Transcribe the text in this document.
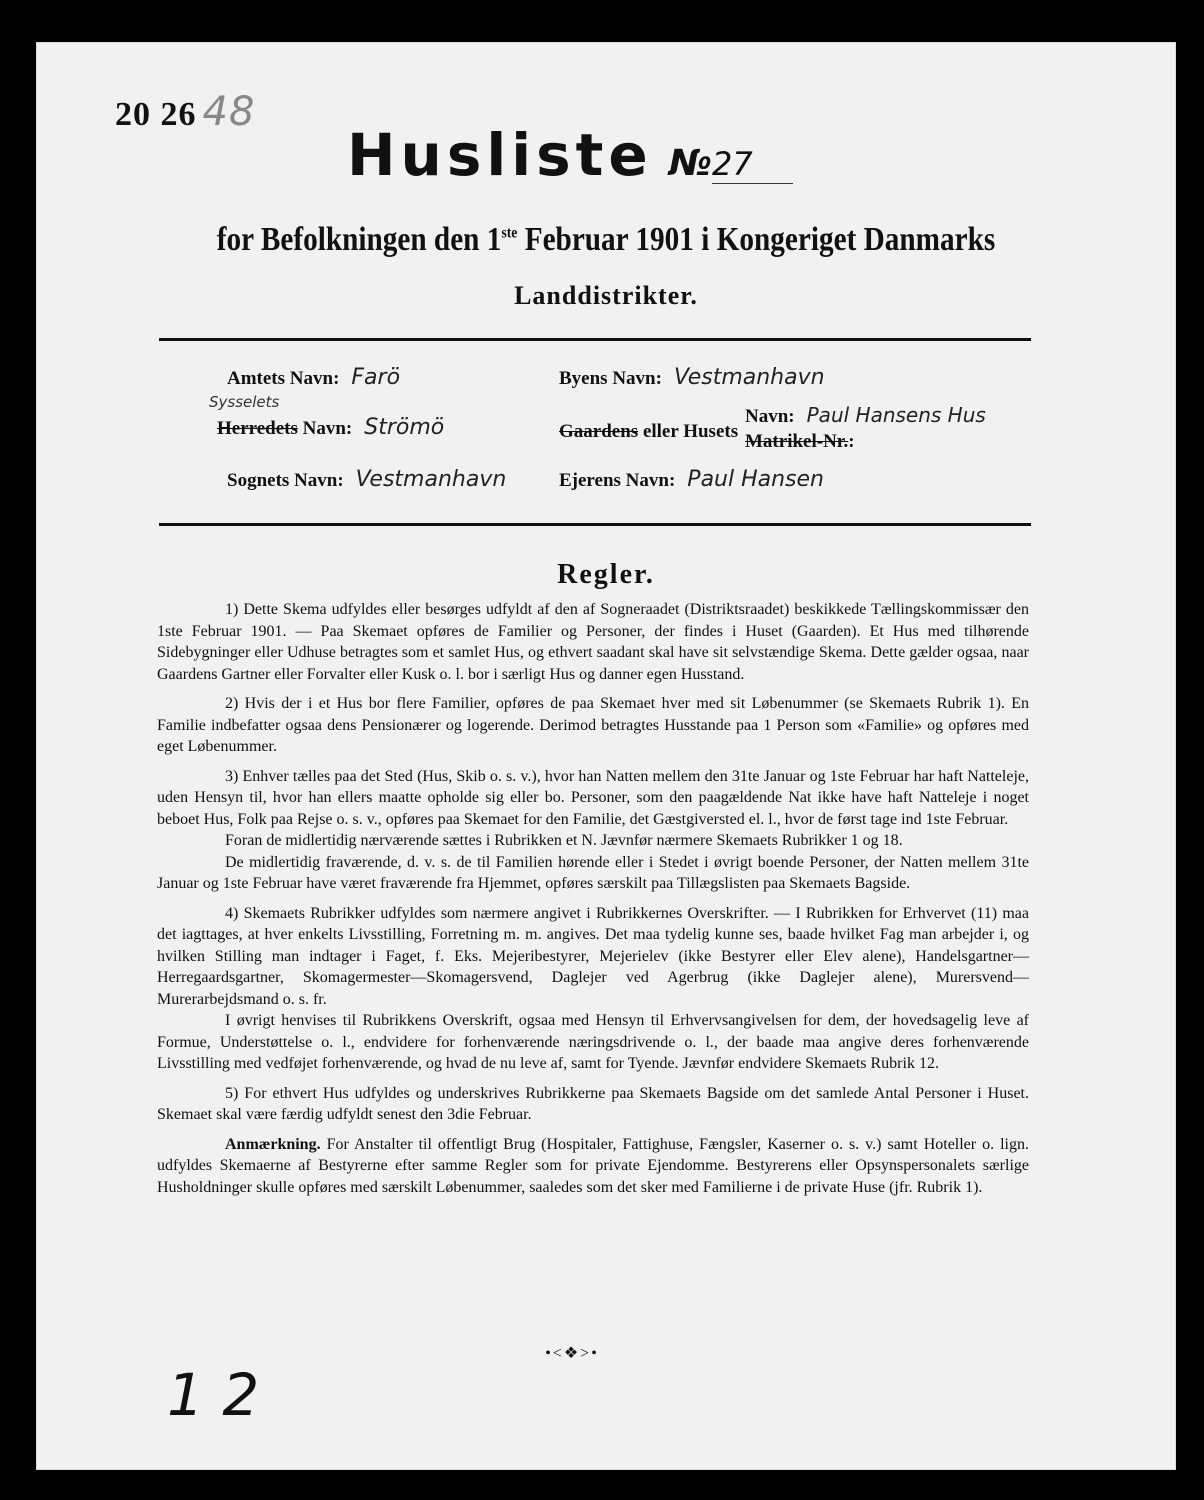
20 26 48
Husliste №27
for Befolkningen den 1ste Februar 1901 i Kongeriget Danmarks
Landdistrikter.
Amtets Navn: Farö	Byens Navn: Vestmanhavn
Sysselets
Herredets Navn: Strömö	Gaardens eller Husets
Navn: Paul Hansens Hus
Matrikel-Nr.:
Sognets Navn: Vestmanhavn	Ejerens Navn: Paul Hansen
Regler.

1) Dette Skema udfyldes eller besørges udfyldt af den af Sogneraadet (Distriktsraadet) beskikkede Tællingskommissær den 1ste Februar 1901. — Paa Skemaet opføres de Familier og Personer, der findes i Huset (Gaarden). Et Hus med tilhørende Sidebygninger eller Udhuse betragtes som et samlet Hus, og ethvert saadant skal have sit selvstændige Skema. Dette gælder ogsaa, naar Gaardens Gartner eller Forvalter eller Kusk o. l. bor i særligt Hus og danner egen Husstand.

2) Hvis der i et Hus bor flere Familier, opføres de paa Skemaet hver med sit Løbenummer (se Skemaets Rubrik 1). En Familie indbefatter ogsaa dens Pensionærer og logerende. Derimod betragtes Husstande paa 1 Person som «Familie» og opføres med eget Løbenummer.

3) Enhver tælles paa det Sted (Hus, Skib o. s. v.), hvor han Natten mellem den 31te Januar og 1ste Februar har haft Natteleje, uden Hensyn til, hvor han ellers maatte opholde sig eller bo. Personer, som den paagældende Nat ikke have haft Natteleje i noget beboet Hus, Folk paa Rejse o. s. v., opføres paa Skemaet for den Familie, det Gæstgiversted el. l., hvor de først tage ind 1ste Februar.

Foran de midlertidig nærværende sættes i Rubrikken et N. Jævnfør nærmere Skemaets Rubrikker 1 og 18.

De midlertidig fraværende, d. v. s. de til Familien hørende eller i Stedet i øvrigt boende Personer, der Natten mellem 31te Januar og 1ste Februar have været fraværende fra Hjemmet, opføres særskilt paa Tillægslisten paa Skemaets Bagside.

4) Skemaets Rubrikker udfyldes som nærmere angivet i Rubrikkernes Overskrifter. — I Rubrikken for Erhvervet (11) maa det iagttages, at hver enkelts Livsstilling, Forretning m. m. angives. Det maa tydelig kunne ses, baade hvilket Fag man arbejder i, og hvilken Stilling man indtager i Faget, f. Eks. Mejeribestyrer, Mejerielev (ikke Bestyrer eller Elev alene), Handelsgartner—Herregaardsgartner, Skomagermester—Skomagersvend, Daglejer ved Agerbrug (ikke Daglejer alene), Murersvend—Murerarbejdsmand o. s. fr.

I øvrigt henvises til Rubrikkens Overskrift, ogsaa med Hensyn til Erhvervsangivelsen for dem, der hovedsagelig leve af Formue, Understøttelse o. l., endvidere for forhenværende næringsdrivende o. l., der baade maa angive deres forhenværende Livsstilling med vedføjet forhenværende, og hvad de nu leve af, samt for Tyende. Jævnfør endvidere Skemaets Rubrik 12.

5) For ethvert Hus udfyldes og underskrives Rubrikkerne paa Skemaets Bagside om det samlede Antal Personer i Huset. Skemaet skal være færdig udfyldt senest den 3die Februar.

Anmærkning. For Anstalter til offentligt Brug (Hospitaler, Fattighuse, Fængsler, Kaserner o. s. v.) samt Hoteller o. lign. udfyldes Skemaerne af Bestyrerne efter samme Regler som for private Ejendomme. Bestyrerens eller Opsynspersonalets særlige Husholdninger skulle opføres med særskilt Løbenummer, saaledes som det sker med Familierne i de private Huse (jfr. Rubrik 1).

•<❖>•
1 2
